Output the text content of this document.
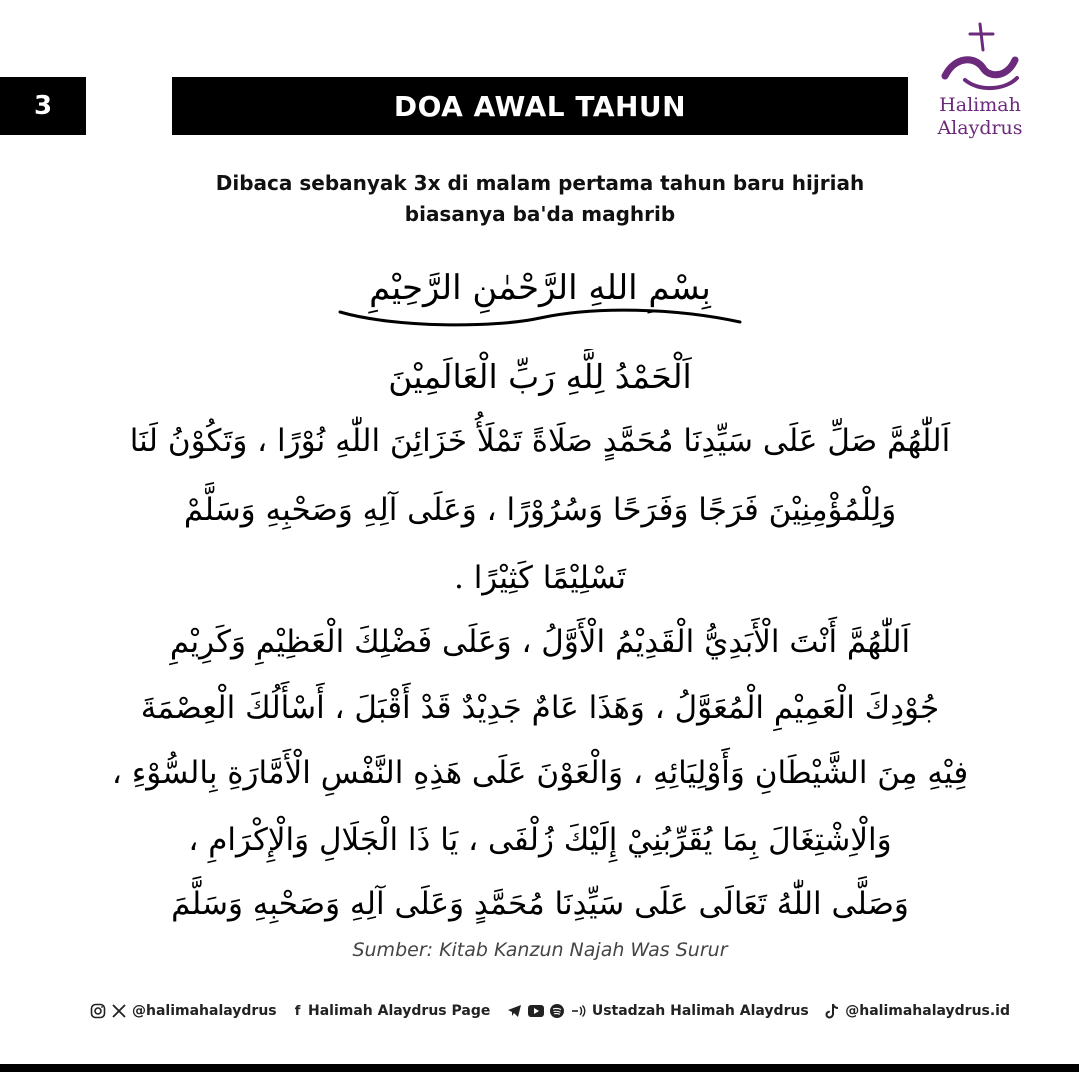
3	DOA AWAL TAHUN	Halimah
Alaydrus
Dibaca sebanyak 3x di malam pertama tahun baru hijriah
biasanya ba'da maghrib
بِسْمِ اللهِ الرَّحْمٰنِ الرَّحِيْمِ
اَلْحَمْدُ لِلَّهِ رَبِّ الْعَالَمِيْنَ
اَللّٰهُمَّ صَلِّ عَلَى سَيِّدِنَا مُحَمَّدٍ صَلَاةً تَمْلَأُ خَزَائِنَ اللّٰهِ نُوْرًا ، وَتَكُوْنُ لَنَا
وَلِلْمُؤْمِنِيْنَ فَرَجًا وَفَرَحًا وَسُرُوْرًا ، وَعَلَى آلِهِ وَصَحْبِهِ وَسَلَّمْ
تَسْلِيْمًا كَثِيْرًا .
اَللّٰهُمَّ أَنْتَ الْأَبَدِيُّ الْقَدِيْمُ الْأَوَّلُ ، وَعَلَى فَضْلِكَ الْعَظِيْمِ وَكَرِيْمِ
جُوْدِكَ الْعَمِيْمِ الْمُعَوَّلُ ، وَهَذَا عَامٌ جَدِيْدٌ قَدْ أَقْبَلَ ، أَسْأَلُكَ الْعِصْمَةَ
فِيْهِ مِنَ الشَّيْطَانِ وَأَوْلِيَائِهِ ، وَالْعَوْنَ عَلَى هَذِهِ النَّفْسِ الْأَمَّارَةِ بِالسُّوْءِ ،
وَالْاِشْتِغَالَ بِمَا يُقَرِّبُنِيْ إِلَيْكَ زُلْفَى ، يَا ذَا الْجَلَالِ وَالْإِكْرَامِ ،
وَصَلَّى اللّٰهُ تَعَالَى عَلَى سَيِّدِنَا مُحَمَّدٍ وَعَلَى آلِهِ وَصَحْبِهِ وَسَلَّمَ
Sumber: Kitab Kanzun Najah Was Surur
@halimahalaydrus f Halimah Alaydrus Page	Ustadzah Halimah Alaydrus	@halimahalaydrus.id
